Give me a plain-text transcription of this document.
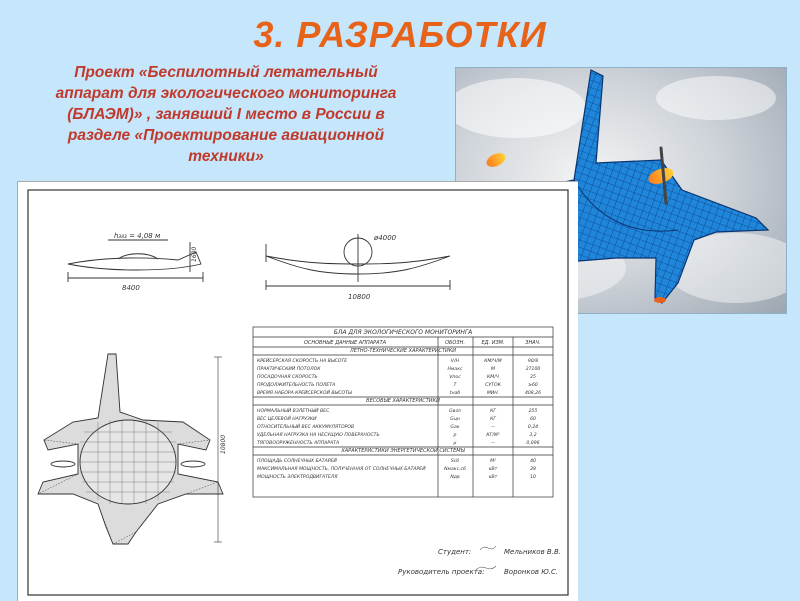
3. РАЗРАБОТКИ
Проект «Беспилотный летательный
аппарат для экологического мониторинга
(БЛАЭМ)» , занявший I место в России в
разделе «Проектирование авиационной
техники»
h₃₈₃ = 4,08 м
8400
1600
ø4000
10800
10800
БЛА ДЛЯ ЭКОЛОГИЧЕСКОГО МОНИТОРИНГА
ОСНОВНЫЕ ДАННЫЕ АППАРАТА	ОБОЗН.	ЕД. ИЗМ.	ЗНАЧ.
ЛЕТНО-ТЕХНИЧЕСКИЕ ХАРАКТЕРИСТИКИ
КРЕЙСЕРСКАЯ СКОРОСТЬ НА ВЫСОТЕ	V/H	КМ/Ч/М	90/8
ПРАКТИЧЕСКИЙ ПОТОЛОК	Нмакс	М	27100
ПОСАДОЧНАЯ СКОРОСТЬ	Vпос	КМ/Ч	25
ПРОДОЛЖИТЕЛЬНОСТЬ ПОЛЕТА	T	СУТОК	≥60
ВРЕМЯ НАБОРА КРЕЙСЕРСКОЙ ВЫСОТЫ	tнаб	МИН.	408,26
ВЕСОВЫЕ ХАРАКТЕРИСТИКИ
НОРМАЛЬНЫЙ ВЗЛЕТНЫЙ ВЕС	Gвзл	КГ	255
ВЕС ЦЕЛЕВОЙ НАГРУЗКИ	Gцн	КГ	60
ОТНОСИТЕЛЬНЫЙ ВЕС АККУМУЛЯТОРОВ	Gак	—	0,24
УДЕЛЬНАЯ НАГРУЗКА НА НЕСУЩУЮ ПОВЕРХНОСТЬ	p	КГ/М²	3,2
ТЯГОВООРУЖЕННОСТЬ АППАРАТА	μ	—	0,096
ХАРАКТЕРИСТИКИ ЭНЕРГЕТИЧЕСКОЙ СИСТЕМЫ
ПЛОЩАДЬ СОЛНЕЧНЫХ БАТАРЕЙ	Sсб	М²	40
МАКСИМАЛЬНАЯ МОЩНОСТЬ, ПОЛУЧЕННАЯ ОТ СОЛНЕЧНЫХ БАТАРЕЙ	Nмакс.сб	кВт	28
МОЩНОСТЬ ЭЛЕКТРОДВИГАТЕЛЯ	Nдв	кВт	10
Студент:	Мельников В.В.
Руководитель проекта:	Воронков Ю.С.
